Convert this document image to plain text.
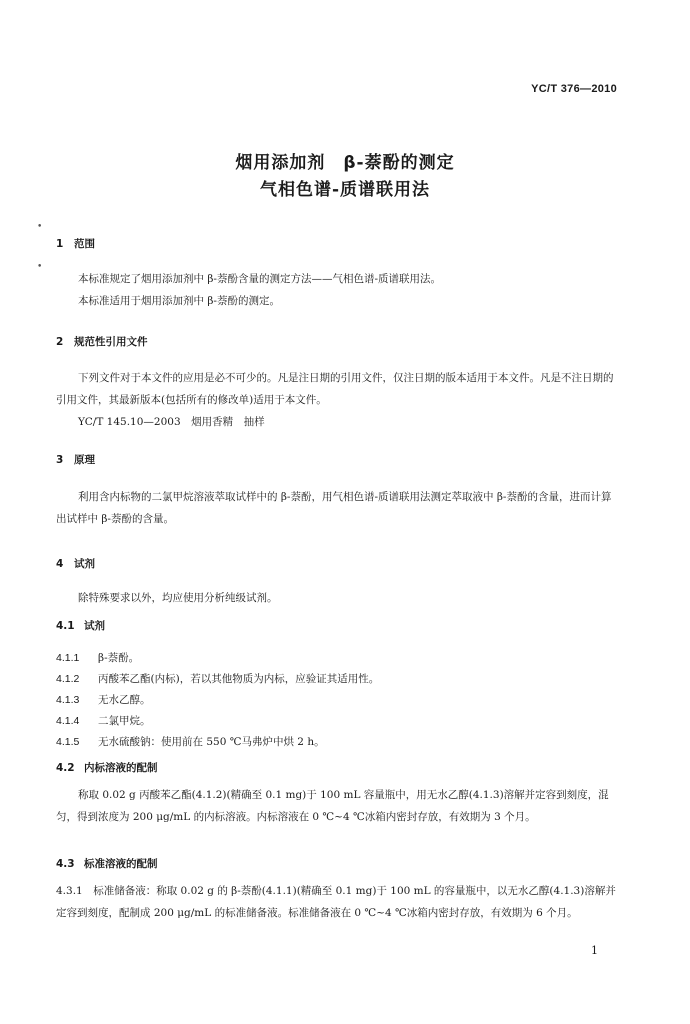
YC/T 376—2010
•
•
烟用添加剂　β-萘酚的测定
气相色谱-质谱联用法
1 范围
本标准规定了烟用添加剂中 β-萘酚含量的测定方法——气相色谱-质谱联用法。
本标准适用于烟用添加剂中 β-萘酚的测定。
2 规范性引用文件
下列文件对于本文件的应用是必不可少的。凡是注日期的引用文件，仅注日期的版本适用于本文件。凡是不注日期的引用文件，其最新版本(包括所有的修改单)适用于本文件。
YC/T 145.10—2003　烟用香精　抽样
3 原理
利用含内标物的二氯甲烷溶液萃取试样中的 β-萘酚，用气相色谱-质谱联用法测定萃取液中 β-萘酚的含量，进而计算出试样中 β-萘酚的含量。
4 试剂
除特殊要求以外，均应使用分析纯级试剂。
4.1 试剂
4.1.1 β-萘酚。
4.1.2 丙酸苯乙酯(内标)，若以其他物质为内标，应验证其适用性。
4.1.3 无水乙醇。
4.1.4 二氯甲烷。
4.1.5 无水硫酸钠：使用前在 550 ℃马弗炉中烘 2 h。
4.2 内标溶液的配制
称取 0.02 g 丙酸苯乙酯(4.1.2)(精确至 0.1 mg)于 100 mL 容量瓶中，用无水乙醇(4.1.3)溶解并定容到刻度，混匀，得到浓度为 200 μg/mL 的内标溶液。内标溶液在 0 ℃~4 ℃冰箱内密封存放，有效期为 3 个月。
4.3 标准溶液的配制
4.3.1　标准储备液：称取 0.02 g 的 β-萘酚(4.1.1)(精确至 0.1 mg)于 100 mL 的容量瓶中，以无水乙醇(4.1.3)溶解并定容到刻度，配制成 200 μg/mL 的标准储备液。标准储备液在 0 ℃~4 ℃冰箱内密封存放，有效期为 6 个月。
1
